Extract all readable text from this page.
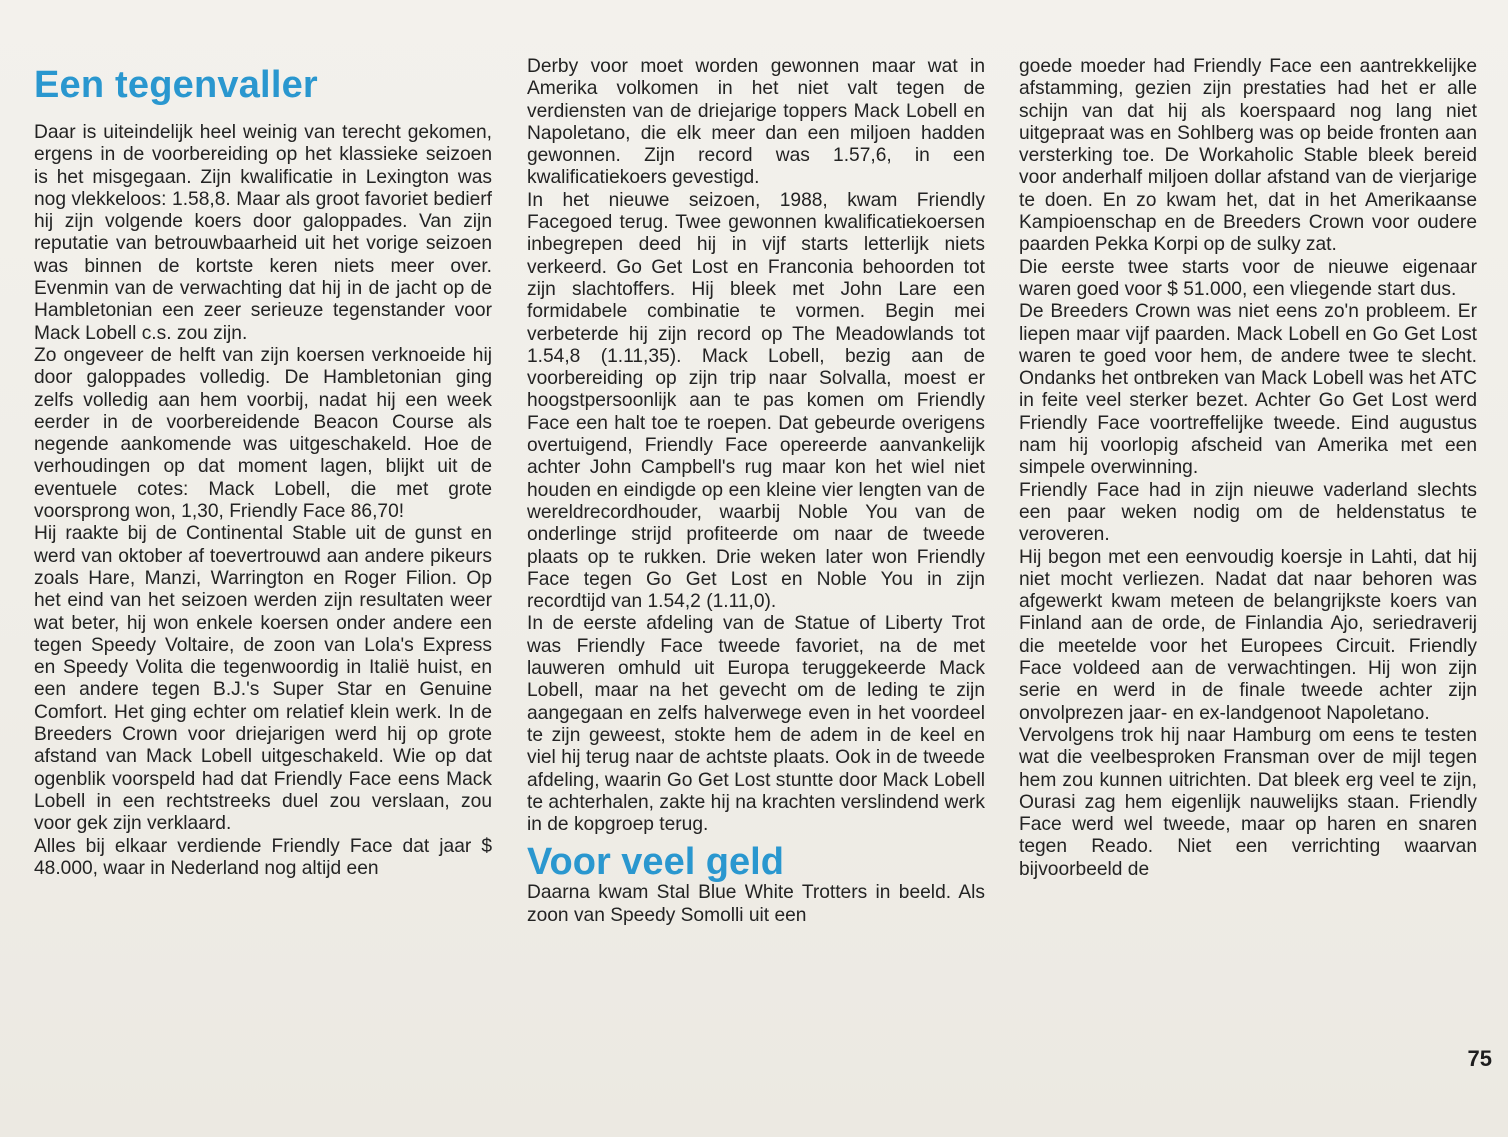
Een tegenvaller

Daar is uiteindelijk heel weinig van terecht gekomen, ergens in de voorbereiding op het klassieke seizoen is het misgegaan. Zijn kwalificatie in Lexington was nog vlekkeloos: 1.58,8. Maar als groot favoriet bedierf hij zijn volgende koers door galoppades. Van zijn reputatie van betrouwbaarheid uit het vorige seizoen was binnen de kortste keren niets meer over. Evenmin van de verwachting dat hij in de jacht op de Hambletonian een zeer serieuze tegenstander voor Mack Lobell c.s. zou zijn.

Zo ongeveer de helft van zijn koersen verknoeide hij door galoppades volledig. De Hambletonian ging zelfs volledig aan hem voorbij, nadat hij een week eerder in de voorbereidende Beacon Course als negende aankomende was uitgeschakeld. Hoe de verhoudingen op dat moment lagen, blijkt uit de eventuele cotes: Mack Lobell, die met grote voorsprong won, 1,30, Friendly Face 86,70!

Hij raakte bij de Continental Stable uit de gunst en werd van oktober af toevertrouwd aan andere pikeurs zoals Hare, Manzi, Warrington en Roger Filion. Op het eind van het seizoen werden zijn resultaten weer wat beter, hij won enkele koersen onder andere een tegen Speedy Voltaire, de zoon van Lola's Express en Speedy Volita die tegenwoordig in Italië huist, en een andere tegen B.J.'s Super Star en Genuine Comfort. Het ging echter om relatief klein werk. In de Breeders Crown voor driejarigen werd hij op grote afstand van Mack Lobell uitgeschakeld. Wie op dat ogenblik voorspeld had dat Friendly Face eens Mack Lobell in een rechtstreeks duel zou verslaan, zou voor gek zijn verklaard.

Alles bij elkaar verdiende Friendly Face dat jaar $ 48.000, waar in Nederland nog altijd een

Derby voor moet worden gewonnen maar wat in Amerika volkomen in het niet valt tegen de verdiensten van de driejarige toppers Mack Lobell en Napoletano, die elk meer dan een miljoen hadden gewonnen. Zijn record was 1.57,6, in een kwalificatiekoers gevestigd.

In het nieuwe seizoen, 1988, kwam Friendly Facegoed terug. Twee gewonnen kwalificatiekoersen inbegrepen deed hij in vijf starts letterlijk niets verkeerd. Go Get Lost en Franconia behoorden tot zijn slachtoffers. Hij bleek met John Lare een formidabele combinatie te vormen. Begin mei verbeterde hij zijn record op The Meadowlands tot 1.54,8 (1.11,35). Mack Lobell, bezig aan de voorbereiding op zijn trip naar Solvalla, moest er hoogstpersoonlijk aan te pas komen om Friendly Face een halt toe te roepen. Dat gebeurde overigens overtuigend, Friendly Face opereerde aanvankelijk achter John Campbell's rug maar kon het wiel niet houden en eindigde op een kleine vier lengten van de wereldrecordhouder, waarbij Noble You van de onderlinge strijd profiteerde om naar de tweede plaats op te rukken. Drie weken later won Friendly Face tegen Go Get Lost en Noble You in zijn recordtijd van 1.54,2 (1.11,0).

In de eerste afdeling van de Statue of Liberty Trot was Friendly Face tweede favoriet, na de met lauweren omhuld uit Europa teruggekeerde Mack Lobell, maar na het gevecht om de leding te zijn aangegaan en zelfs halverwege even in het voordeel te zijn geweest, stokte hem de adem in de keel en viel hij terug naar de achtste plaats. Ook in de tweede afdeling, waarin Go Get Lost stuntte door Mack Lobell te achterhalen, zakte hij na krachten verslindend werk in de kopgroep terug.

Voor veel geld

Daarna kwam Stal Blue White Trotters in beeld. Als zoon van Speedy Somolli uit een

goede moeder had Friendly Face een aantrekkelijke afstamming, gezien zijn prestaties had het er alle schijn van dat hij als koerspaard nog lang niet uitgepraat was en Sohlberg was op beide fronten aan versterking toe. De Workaholic Stable bleek bereid voor anderhalf miljoen dollar afstand van de vierjarige te doen. En zo kwam het, dat in het Amerikaanse Kampioenschap en de Breeders Crown voor oudere paarden Pekka Korpi op de sulky zat.

Die eerste twee starts voor de nieuwe eigenaar waren goed voor $ 51.000, een vliegende start dus.

De Breeders Crown was niet eens zo'n probleem. Er liepen maar vijf paarden. Mack Lobell en Go Get Lost waren te goed voor hem, de andere twee te slecht. Ondanks het ontbreken van Mack Lobell was het ATC in feite veel sterker bezet. Achter Go Get Lost werd Friendly Face voortreffelijke tweede. Eind augustus nam hij voorlopig afscheid van Amerika met een simpele overwinning.

Friendly Face had in zijn nieuwe vaderland slechts een paar weken nodig om de heldenstatus te veroveren.

Hij begon met een eenvoudig koersje in Lahti, dat hij niet mocht verliezen. Nadat dat naar behoren was afgewerkt kwam meteen de belangrijkste koers van Finland aan de orde, de Finlandia Ajo, seriedraverij die meetelde voor het Europees Circuit. Friendly Face voldeed aan de verwachtingen. Hij won zijn serie en werd in de finale tweede achter zijn onvolprezen jaar- en ex-landgenoot Napoletano.

Vervolgens trok hij naar Hamburg om eens te testen wat die veelbesproken Fransman over de mijl tegen hem zou kunnen uitrichten. Dat bleek erg veel te zijn, Ourasi zag hem eigenlijk nauwelijks staan. Friendly Face werd wel tweede, maar op haren en snaren tegen Reado. Niet een verrichting waarvan bijvoorbeeld de

75
